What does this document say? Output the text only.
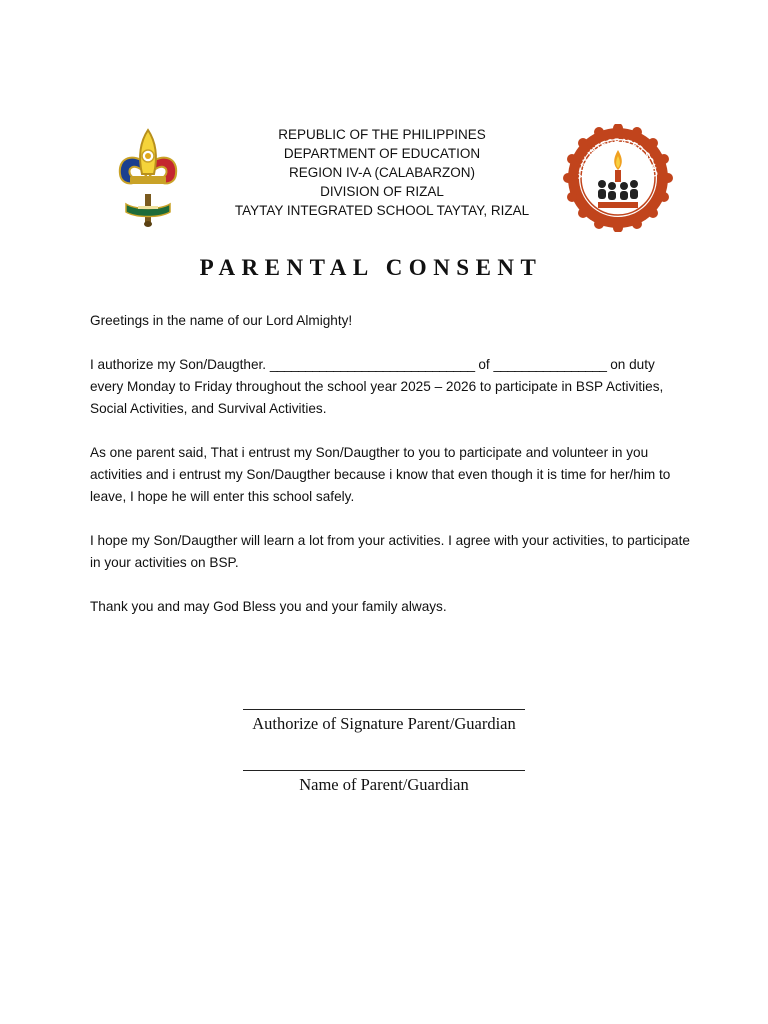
REPUBLIC OF THE PHILIPPINES
DEPARTMENT OF EDUCATION
REGION IV-A (CALABARZON)
DIVISION OF RIZAL
TAYTAY INTEGRATED SCHOOL TAYTAY, RIZAL
YTAY INTEGRATED SCHO
PARENTAL CONSENT

Greetings in the name of our Lord Almighty!

I authorize my Son/Daugther. _____________________________ of ________________ on duty every Monday to Friday throughout the school year 2025 – 2026 to participate in BSP Activities, Social Activities, and Survival Activities.

As one parent said, That i entrust my Son/Daugther to you to participate and volunteer in you activities and i entrust my Son/Daugther because i know that even though it is time for her/him to leave, I hope he will enter this school safely.

I hope my Son/Daugther will learn a lot from your activities. I agree with your activities, to participate in your activities on BSP.

Thank you and may God Bless you and your family always.

Authorize of Signature Parent/Guardian
Name of Parent/Guardian
